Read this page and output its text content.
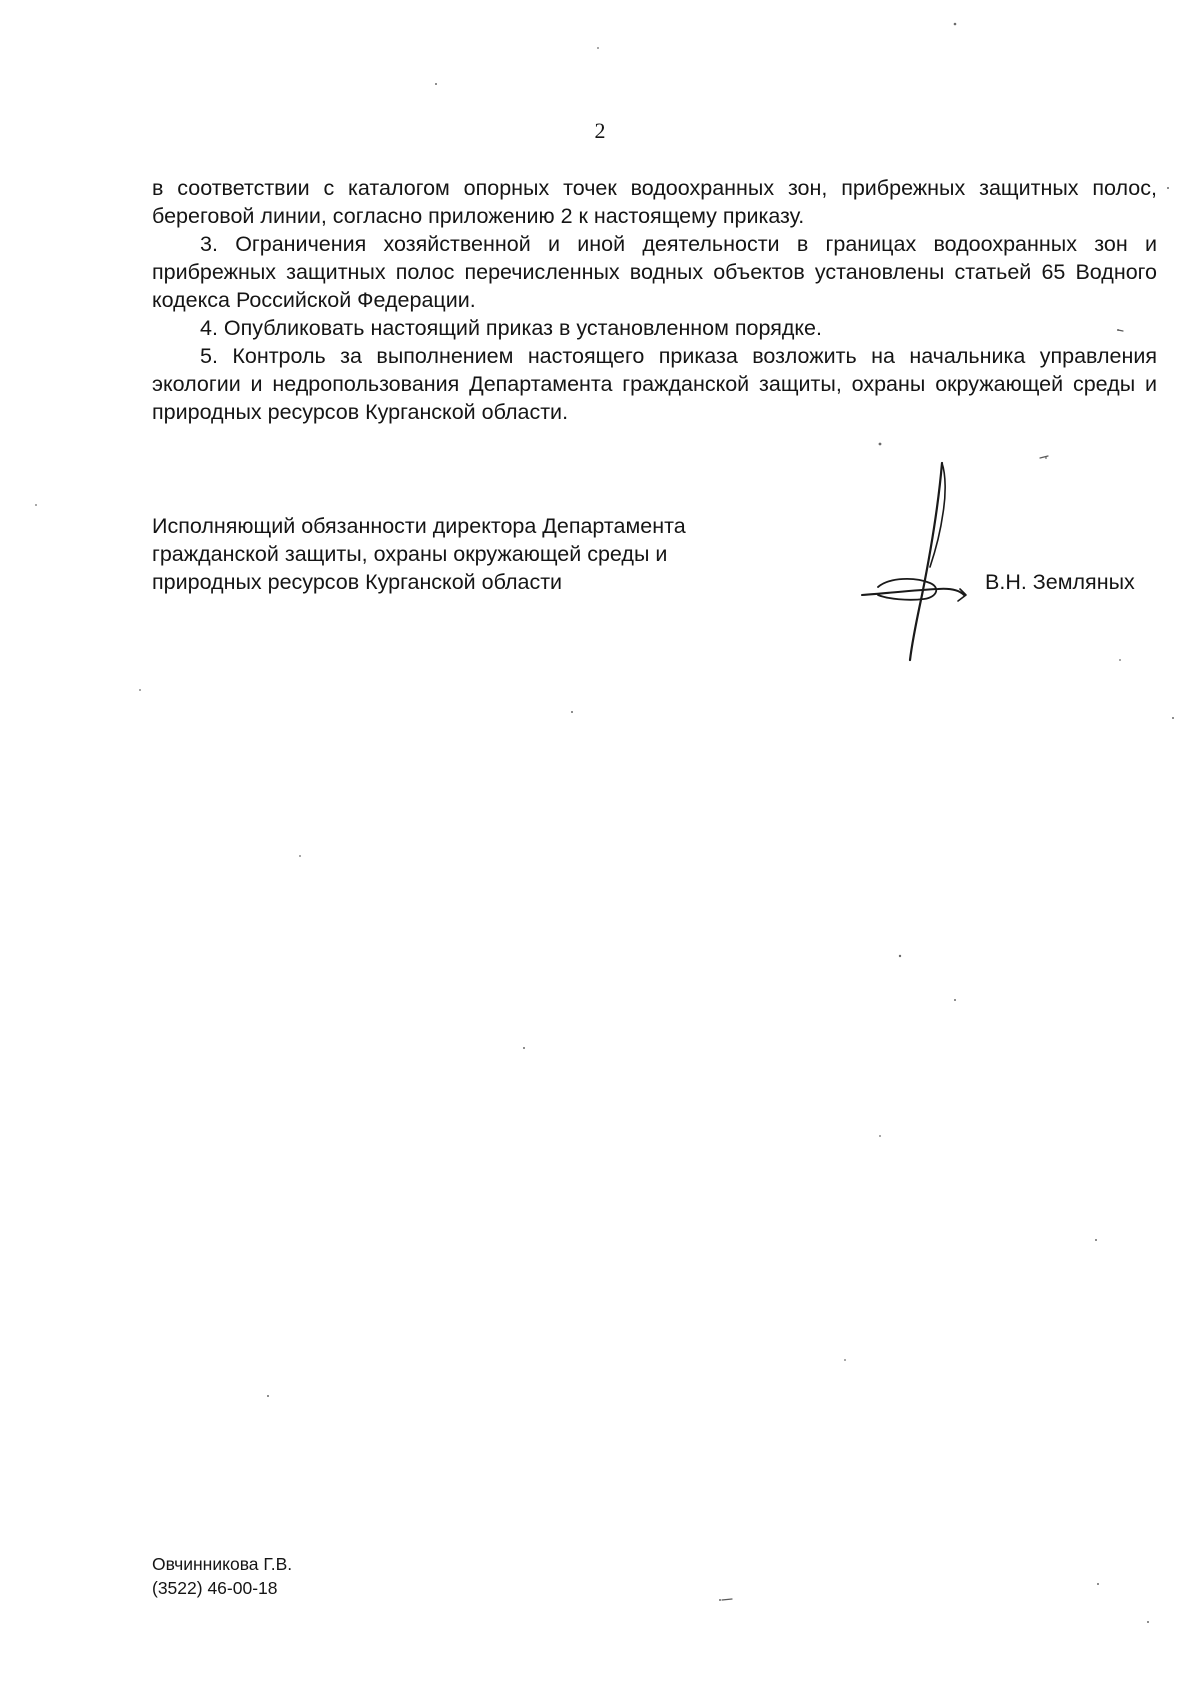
2

в соответствии с каталогом опорных точек водоохранных зон, прибрежных защитных полос, береговой линии, согласно приложению 2 к настоящему приказу.

3. Ограничения хозяйственной и иной деятельности в границах водоохранных зон и прибрежных защитных полос перечисленных водных объектов установлены статьей 65 Водного кодекса Российской Федерации.

4. Опубликовать настоящий приказ в установленном порядке.

5. Контроль за выполнением настоящего приказа возложить на начальника управления экологии и недропользования Департамента гражданской защиты, охраны окружающей среды и природных ресурсов Курганской области.

Исполняющий обязанности директора Департамента
гражданской защиты, охраны окружающей среды и
природных ресурсов Курганской области	В.Н. Земляных
Овчинникова Г.В.
(3522) 46-00-18
